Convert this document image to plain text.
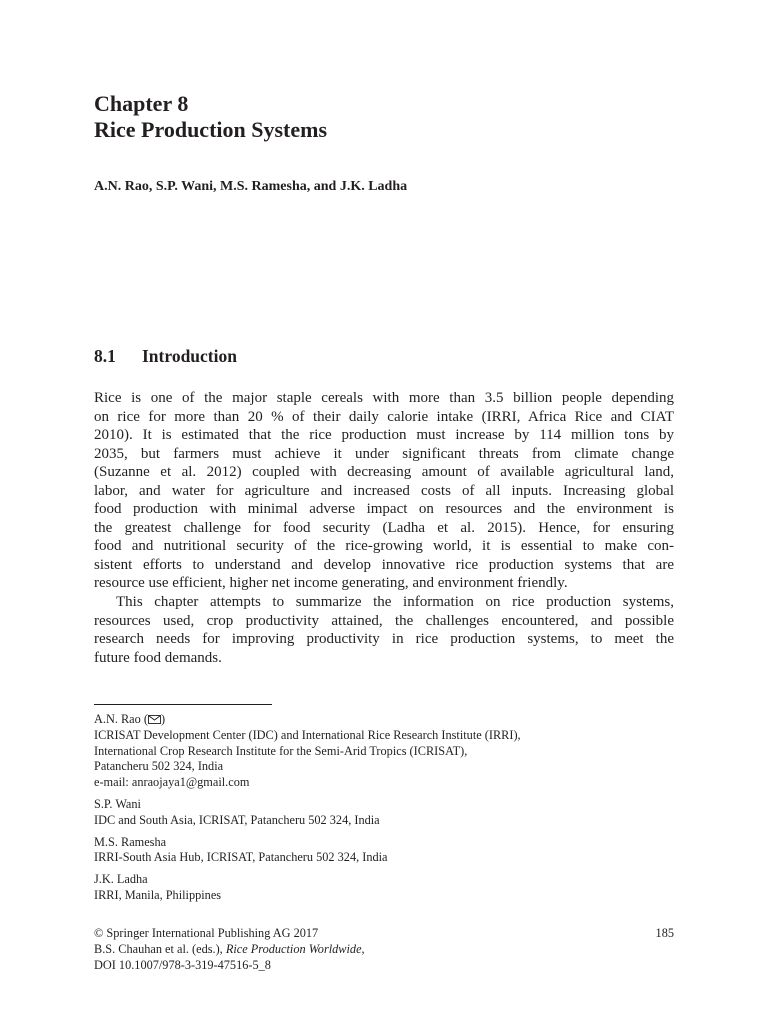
Chapter 8
Rice Production Systems
A.N. Rao, S.P. Wani, M.S. Ramesha, and J.K. Ladha
8.1 Introduction
Rice is one of the major staple cereals with more than 3.5 billion people depending
on rice for more than 20 % of their daily calorie intake (IRRI, Africa Rice and CIAT
2010). It is estimated that the rice production must increase by 114 million tons by
2035, but farmers must achieve it under significant threats from climate change
(Suzanne et al. 2012) coupled with decreasing amount of available agricultural land,
labor, and water for agriculture and increased costs of all inputs. Increasing global
food production with minimal adverse impact on resources and the environment is
the greatest challenge for food security (Ladha et al. 2015). Hence, for ensuring
food and nutritional security of the rice-growing world, it is essential to make con-
sistent efforts to understand and develop innovative rice production systems that are
resource use efficient, higher net income generating, and environment friendly.
This chapter attempts to summarize the information on rice production systems,
resources used, crop productivity attained, the challenges encountered, and possible
research needs for improving productivity in rice production systems, to meet the
future food demands.
A.N. Rao ( )
ICRISAT Development Center (IDC) and International Rice Research Institute (IRRI),
International Crop Research Institute for the Semi-Arid Tropics (ICRISAT),
Patancheru 502 324, India
e-mail: anraojaya1@gmail.com
S.P. Wani
IDC and South Asia, ICRISAT, Patancheru 502 324, India
M.S. Ramesha
IRRI-South Asia Hub, ICRISAT, Patancheru 502 324, India
J.K. Ladha
IRRI, Manila, Philippines
© Springer International Publishing AG 2017
B.S. Chauhan et al. (eds.), Rice Production Worldwide,
DOI 10.1007/978-3-319-47516-5_8
185
